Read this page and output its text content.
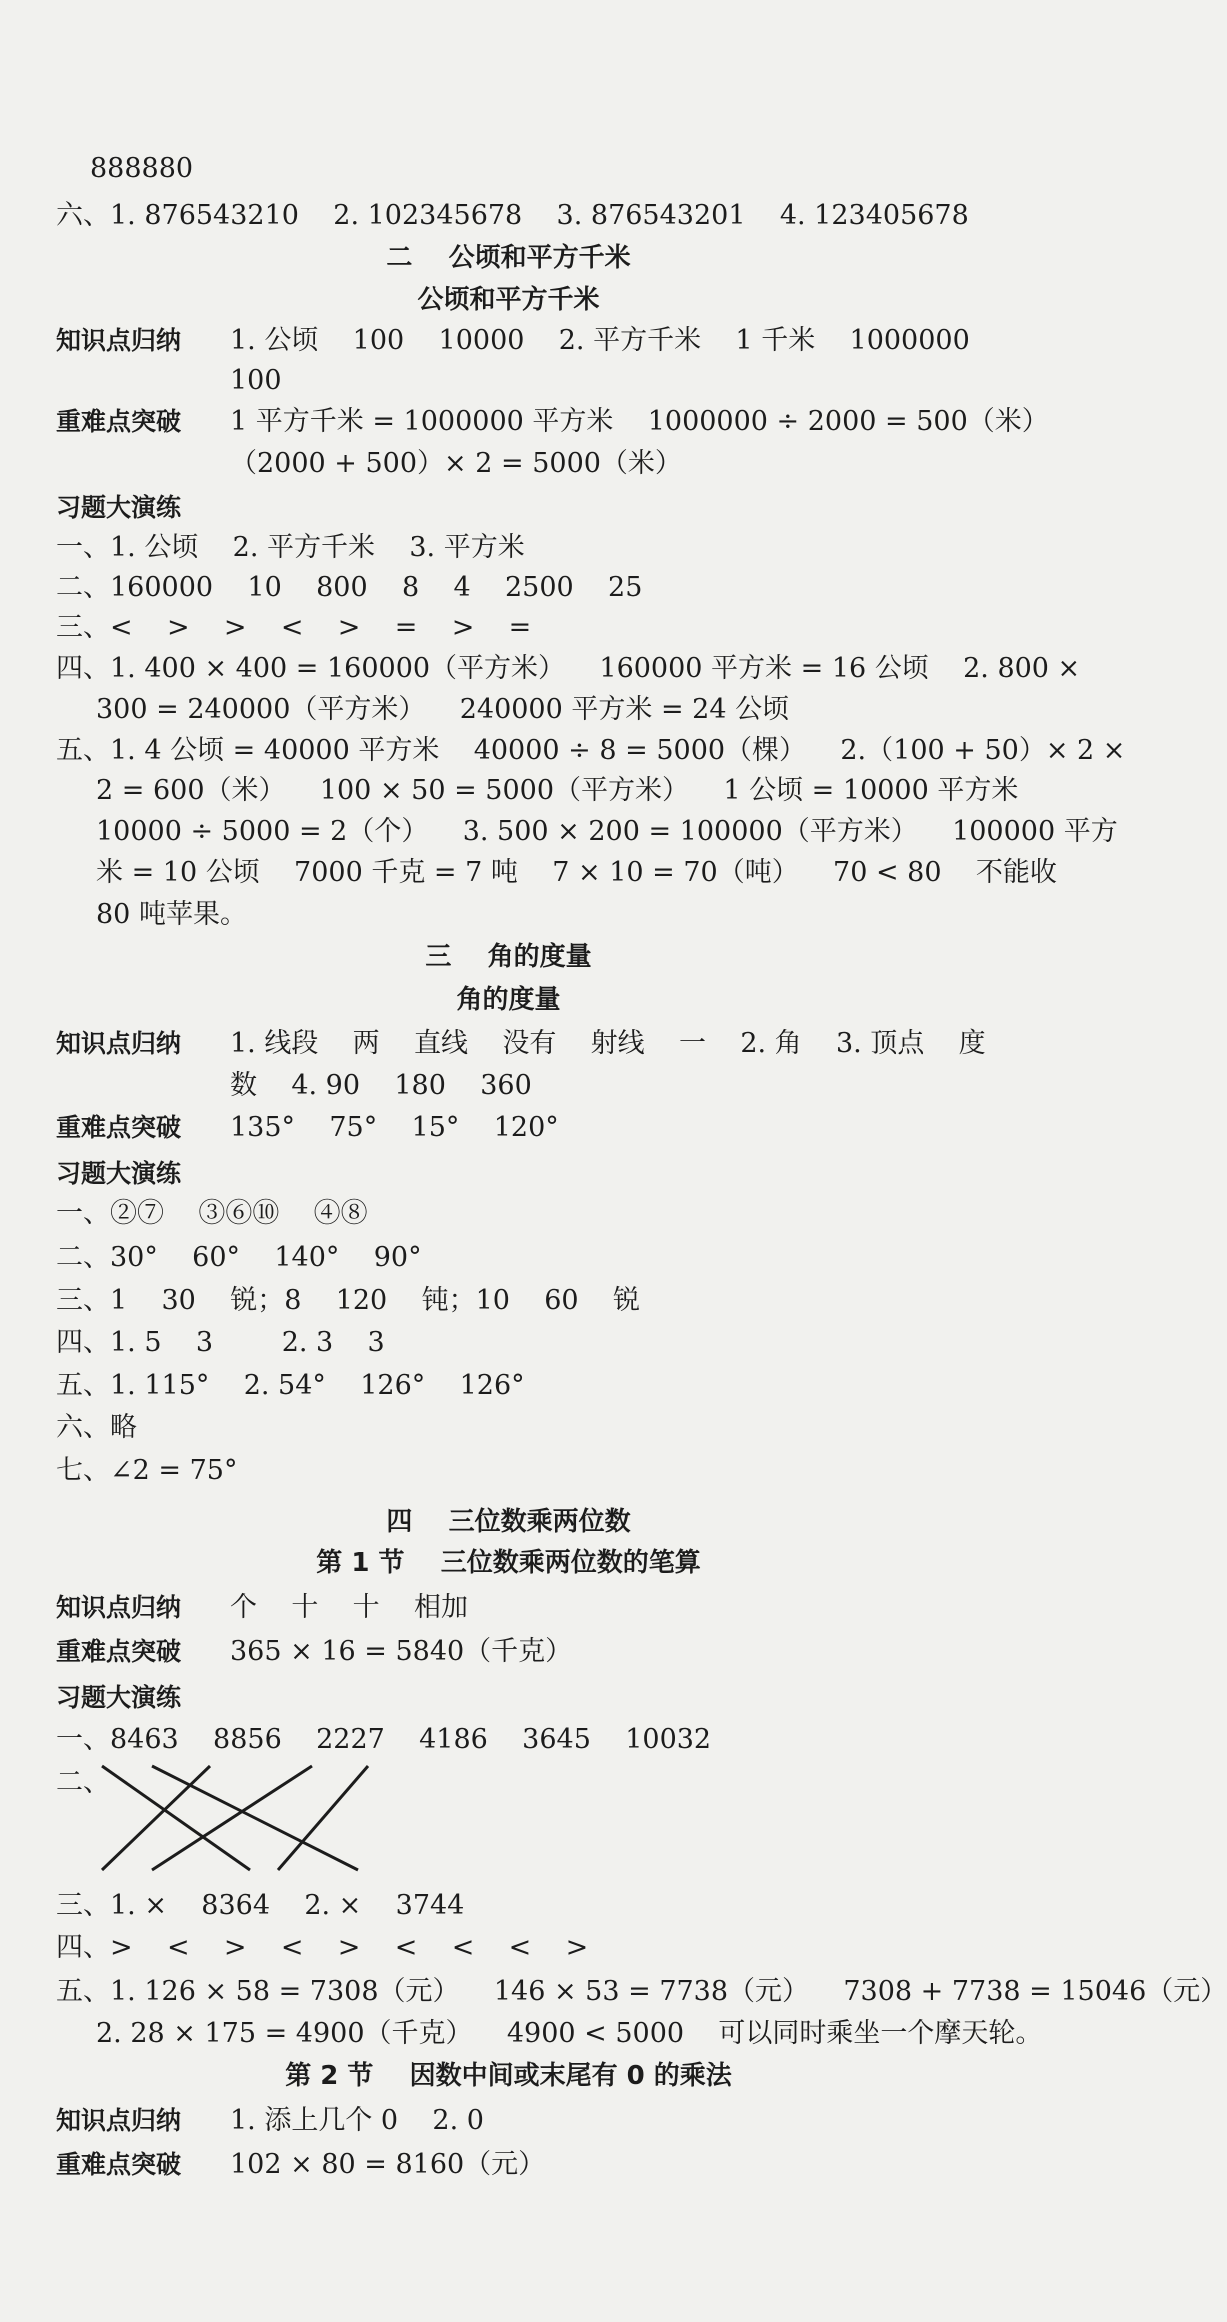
888880

六、1. 876543210    2. 102345678    3. 876543201    4. 123405678

二    公顷和平方千米

公顷和平方千米

知识点归纳 1. 公顷    100    10000    2. 平方千米    1 千米    1000000

100

重难点突破 1 平方千米 = 1000000 平方米    1000000 ÷ 2000 = 500（米）

（2000 + 500）× 2 = 5000（米）

习题大演练

一、1. 公顷    2. 平方千米    3. 平方米

二、160000    10    800    8    4    2500    25

三、<    >    >    <    >    =    >    =

四、1. 400 × 400 = 160000（平方米）    160000 平方米 = 16 公顷    2. 800 ×

300 = 240000（平方米）    240000 平方米 = 24 公顷

五、1. 4 公顷 = 40000 平方米    40000 ÷ 8 = 5000（棵）    2.（100 + 50）× 2 ×

2 = 600（米）    100 × 50 = 5000（平方米）    1 公顷 = 10000 平方米

10000 ÷ 5000 = 2（个）    3. 500 × 200 = 100000（平方米）    100000 平方

米 = 10 公顷    7000 千克 = 7 吨    7 × 10 = 70（吨）    70 < 80    不能收

80 吨苹果。

三    角的度量

角的度量

知识点归纳 1. 线段    两    直线    没有    射线    一    2. 角    3. 顶点    度

数    4. 90    180    360

重难点突破 135°    75°    15°    120°

习题大演练

一、②⑦    ③⑥⑩    ④⑧

二、30°    60°    140°    90°

三、1    30    锐；8    120    钝；10    60    锐

四、1. 5    3        2. 3    3

五、1. 115°    2. 54°    126°    126°

六、略

七、∠2 = 75°

四    三位数乘两位数

第 1 节    三位数乘两位数的笔算

知识点归纳 个    十    十    相加

重难点突破 365 × 16 = 5840（千克）

习题大演练

一、8463    8856    2227    4186    3645    10032

二、

三、1. ×    8364    2. ×    3744

四、>    <    >    <    >    <    <    <    >

五、1. 126 × 58 = 7308（元）    146 × 53 = 7738（元）    7308 + 7738 = 15046（元）

2. 28 × 175 = 4900（千克）    4900 < 5000    可以同时乘坐一个摩天轮。

第 2 节    因数中间或末尾有 0 的乘法

知识点归纳 1. 添上几个 0    2. 0

重难点突破 102 × 80 = 8160（元）
